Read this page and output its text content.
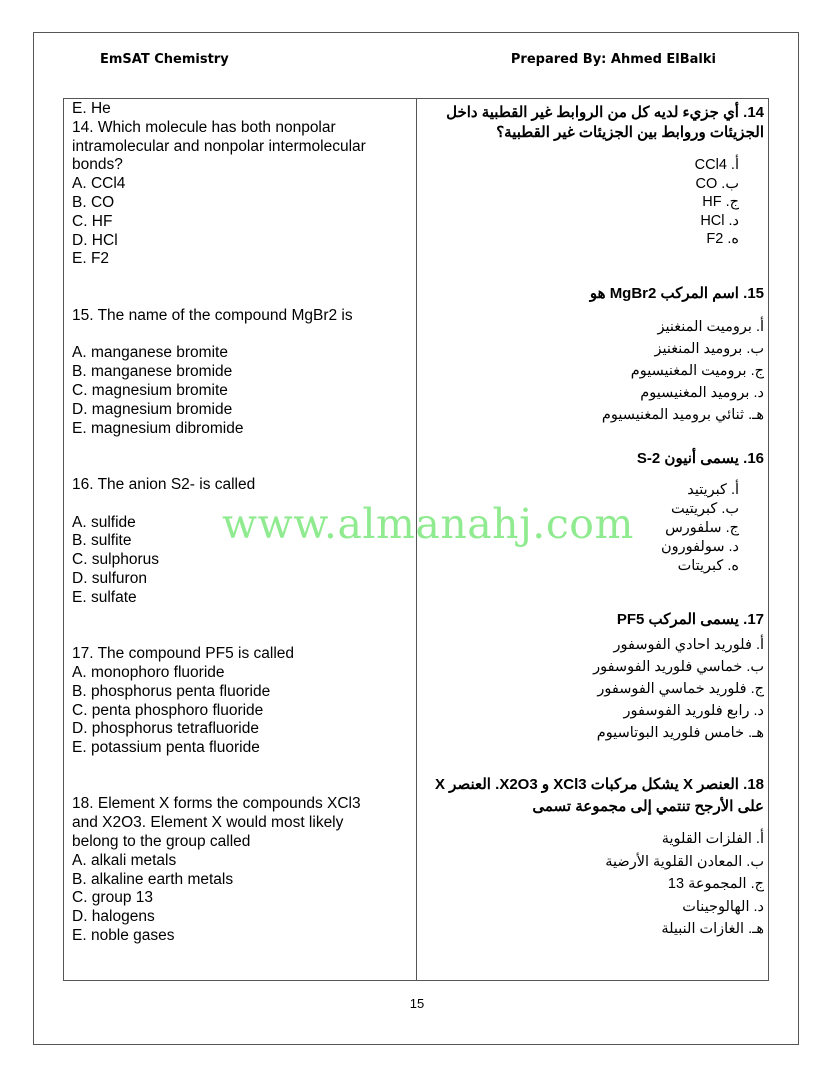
EmSAT Chemistry	Prepared By: Ahmed ElBalki
E. He
14. Which molecule has both nonpolar
intramolecular and nonpolar intermolecular
bonds?
A. CCl4
B. CO
C. HF
D. HCl
E. F2
15. The name of the compound MgBr2 is
A. manganese bromite
B. manganese bromide
C. magnesium bromite
D. magnesium bromide
E. magnesium dibromide
16. The anion S2- is called
A. sulfide
B. sulfite
C. sulphorus
D. sulfuron
E. sulfate
17. The compound PF5 is called
A. monophoro fluoride
B. phosphorus penta fluoride
C. penta phosphoro fluoride
D. phosphorus tetrafluoride
E. potassium penta fluoride
18. Element X forms the compounds XCl3
and X2O3. Element X would most likely
belong to the group called
A. alkali metals
B. alkaline earth metals
C. group 13
D. halogens
E. noble gases
14. أي جزيء لديه كل من الروابط غير القطبية داخل
الجزيئات وروابط بين الجزيئات غير القطبية؟
أ. CCl4
ب. CO
ج. HF
د. HCl
ه. F2
15. اسم المركب MgBr2 هو
أ. بروميت المنغنيز
ب. بروميد المنغنيز
ج. بروميت المغنيسيوم
د. بروميد المغنيسيوم
هـ. ثنائي بروميد المغنيسيوم
16. يسمى أنيون S-2
أ. كبريتيد
ب. كبريتيت
ج. سلفورس
د. سولفورون
ه. كبريتات
17. يسمى المركب PF5
أ. فلوريد احادي الفوسفور
ب. خماسي فلوريد الفوسفور
ج. فلوريد خماسي الفوسفور
د. رابع فلوريد الفوسفور
هـ. خامس فلوريد البوتاسيوم
18. العنصر X يشكل مركبات XCl3 و X2O3. العنصر X
على الأرجح تنتمي إلى مجموعة تسمى
أ. الفلزات القلوية
ب. المعادن القلوية الأرضية
ج. المجموعة 13
د. الهالوجينات
هـ. الغازات النبيلة
www.almanahj.com
15
